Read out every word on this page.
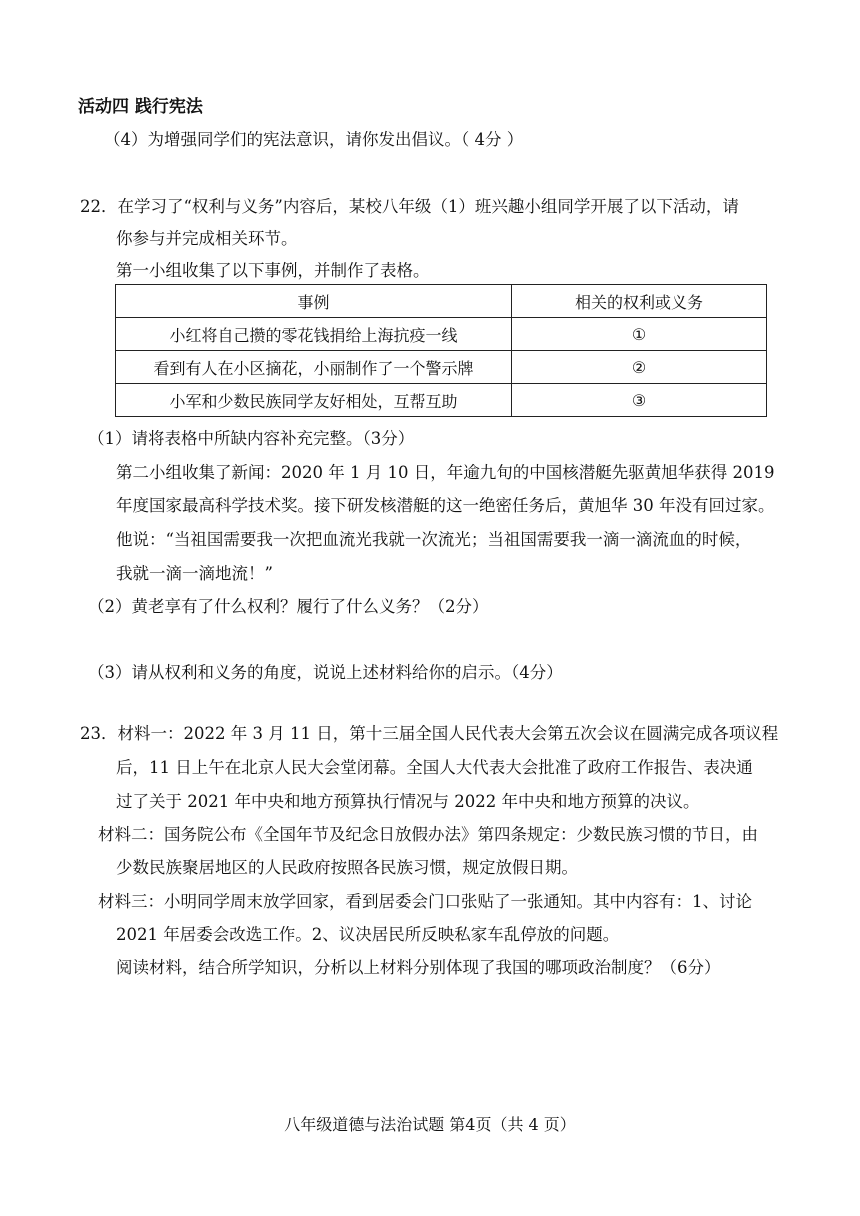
活动四 践行宪法
（4）为增强同学们的宪法意识，请你发出倡议。（ 4分 ）
22．在学习了“权利与义务”内容后，某校八年级（1）班兴趣小组同学开展了以下活动，请
你参与并完成相关环节。
第一小组收集了以下事例，并制作了表格。
事例	相关的权利或义务
小红将自己攒的零花钱捐给上海抗疫一线	①
看到有人在小区摘花，小丽制作了一个警示牌	②
小军和少数民族同学友好相处，互帮互助	③
（1）请将表格中所缺内容补充完整。（3分）
第二小组收集了新闻：2020 年 1 月 10 日，年逾九旬的中国核潜艇先驱黄旭华获得 2019
年度国家最高科学技术奖。接下研发核潜艇的这一绝密任务后，黄旭华 30 年没有回过家。
他说：“当祖国需要我一次把血流光我就一次流光；当祖国需要我一滴一滴流血的时候，
我就一滴一滴地流！”
（2）黄老享有了什么权利？履行了什么义务？（2分）
（3）请从权利和义务的角度，说说上述材料给你的启示。（4分）
23．材料一：2022 年 3 月 11 日，第十三届全国人民代表大会第五次会议在圆满完成各项议程
后，11 日上午在北京人民大会堂闭幕。全国人大代表大会批准了政府工作报告、表决通
过了关于 2021 年中央和地方预算执行情况与 2022 年中央和地方预算的决议。
材料二：国务院公布《全国年节及纪念日放假办法》第四条规定：少数民族习惯的节日，由
少数民族聚居地区的人民政府按照各民族习惯，规定放假日期。
材料三：小明同学周末放学回家，看到居委会门口张贴了一张通知。其中内容有：1、讨论
2021 年居委会改选工作。2、议决居民所反映私家车乱停放的问题。
阅读材料，结合所学知识，分析以上材料分别体现了我国的哪项政治制度？（6分）
八年级道德与法治试题 第4页（共 4 页）
